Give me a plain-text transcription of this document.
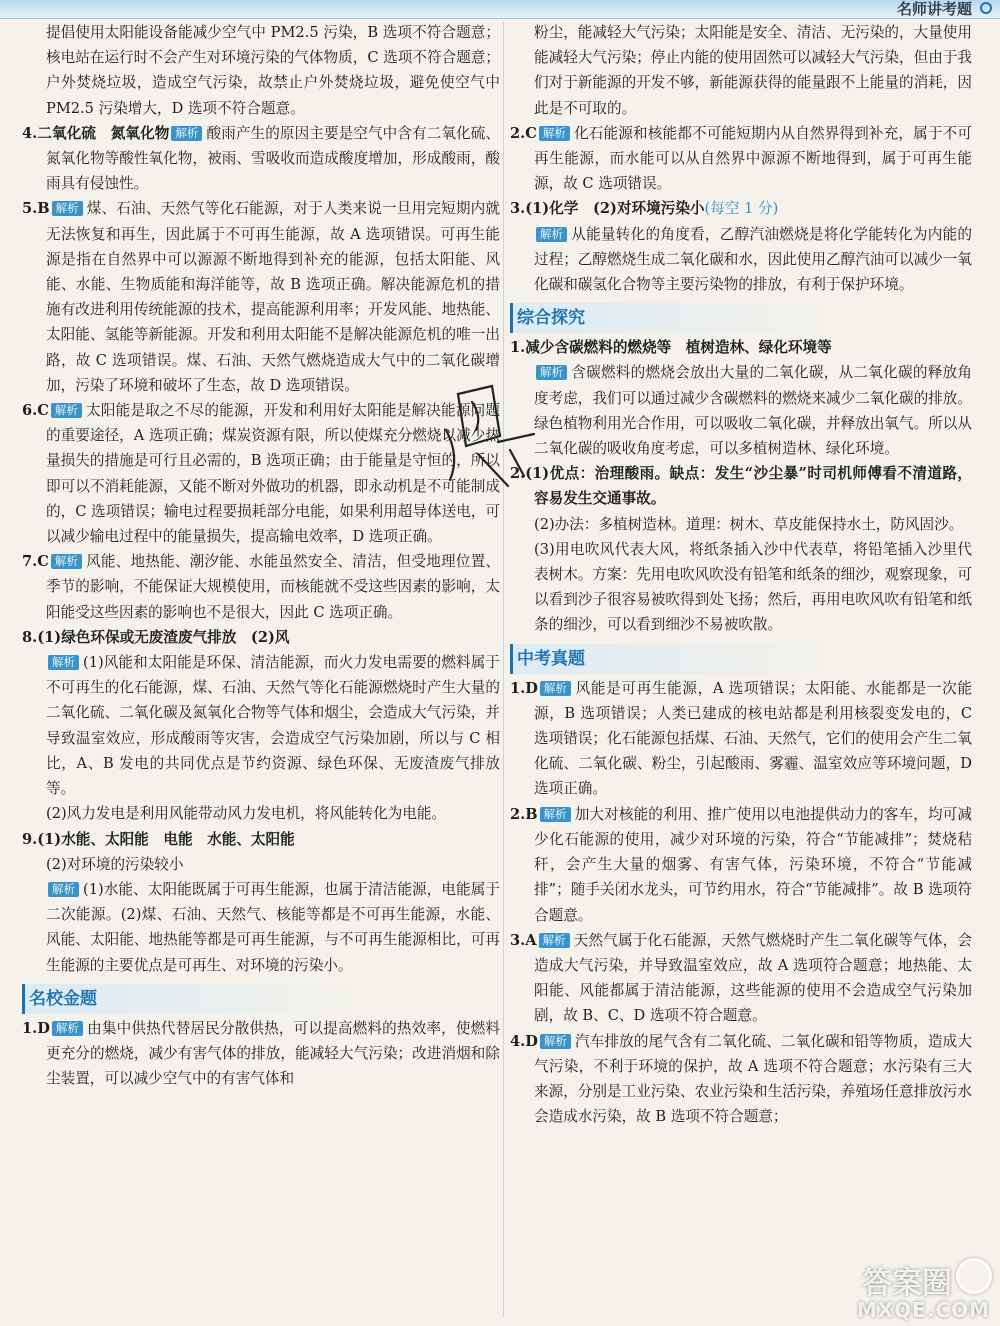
名师讲考题

提倡使用太阳能设备能减少空气中 PM2.5 污染，B 选项不符合题意；核电站在运行时不会产生对环境污染的气体物质，C 选项不符合题意；户外焚烧垃圾，造成空气污染，故禁止户外焚烧垃圾，避免使空气中 PM2.5 污染增大，D 选项不符合题意。

4.二氧化硫　氮氧化物 解析 酸雨产生的原因主要是空气中含有二氧化硫、氮氧化物等酸性氧化物，被雨、雪吸收而造成酸度增加，形成酸雨，酸雨具有侵蚀性。

5.B 解析 煤、石油、天然气等化石能源，对于人类来说一旦用完短期内就无法恢复和再生，因此属于不可再生能源，故 A 选项错误。可再生能源是指在自然界中可以源源不断地得到补充的能源，包括太阳能、风能、水能、生物质能和海洋能等，故 B 选项正确。解决能源危机的措施有改进利用传统能源的技术，提高能源利用率；开发风能、地热能、太阳能、氢能等新能源。开发和利用太阳能不是解决能源危机的唯一出路，故 C 选项错误。煤、石油、天然气燃烧造成大气中的二氧化碳增加，污染了环境和破坏了生态，故 D 选项错误。

6.C 解析 太阳能是取之不尽的能源，开发和利用好太阳能是解决能源问题的重要途径，A 选项正确；煤炭资源有限，所以使煤充分燃烧以减少热量损失的措施是可行且必需的，B 选项正确；由于能量是守恒的，所以即可以不消耗能源，又能不断对外做功的机器，即永动机是不可能制成的，C 选项错误；输电过程要损耗部分电能，如果利用超导体送电，可以减少输电过程中的能量损失，提高输电效率，D 选项正确。

7.C 解析 风能、地热能、潮汐能、水能虽然安全、清洁，但受地理位置、季节的影响，不能保证大规模使用，而核能就不受这些因素的影响，太阳能受这些因素的影响也不是很大，因此 C 选项正确。

8.(1)绿色环保或无废渣废气排放　(2)风

解析 (1)风能和太阳能是环保、清洁能源，而火力发电需要的燃料属于不可再生的化石能源，煤、石油、天然气等化石能源燃烧时产生大量的二氧化硫、二氧化碳及氮氧化合物等气体和烟尘，会造成大气污染，并导致温室效应，形成酸雨等灾害，会造成空气污染加剧，所以与 C 相比，A、B 发电的共同优点是节约资源、绿色环保、无废渣废气排放等。

(2)风力发电是利用风能带动风力发电机，将风能转化为电能。

9.(1)水能、太阳能　电能　水能、太阳能

(2)对环境的污染较小

解析 (1)水能、太阳能既属于可再生能源，也属于清洁能源，电能属于二次能源。(2)煤、石油、天然气、核能等都是不可再生能源，水能、风能、太阳能、地热能等都是可再生能源，与不可再生能源相比，可再生能源的主要优点是可再生、对环境的污染小。

名校金题

1.D 解析 由集中供热代替居民分散供热，可以提高燃料的热效率，使燃料更充分的燃烧，减少有害气体的排放，能减轻大气污染；改进消烟和除尘装置，可以减少空气中的有害气体和

粉尘，能减轻大气污染；太阳能是安全、清洁、无污染的，大量使用能减轻大气污染；停止内能的使用固然可以减轻大气污染，但由于我们对于新能源的开发不够，新能源获得的能量跟不上能量的消耗，因此是不可取的。

2.C 解析 化石能源和核能都不可能短期内从自然界得到补充，属于不可再生能源，而水能可以从自然界中源源不断地得到，属于可再生能源，故 C 选项错误。

3.(1)化学　(2)对环境污染小(每空 1 分)

解析 从能量转化的角度看，乙醇汽油燃烧是将化学能转化为内能的过程；乙醇燃烧生成二氧化碳和水，因此使用乙醇汽油可以减少一氧化碳和碳氢化合物等主要污染物的排放，有利于保护环境。

综合探究

1.减少含碳燃料的燃烧等　植树造林、绿化环境等

解析 含碳燃料的燃烧会放出大量的二氧化碳，从二氧化碳的释放角度考虑，我们可以通过减少含碳燃料的燃烧来减少二氧化碳的排放。绿色植物利用光合作用，可以吸收二氧化碳，并释放出氧气。所以从二氧化碳的吸收角度考虑，可以多植树造林、绿化环境。

2.(1)优点：治理酸雨。缺点：发生“沙尘暴”时司机师傅看不清道路，容易发生交通事故。

(2)办法：多植树造林。道理：树木、草皮能保持水土，防风固沙。

(3)用电吹风代表大风，将纸条插入沙中代表草，将铅笔插入沙里代表树木。方案：先用电吹风吹没有铅笔和纸条的细沙，观察现象，可以看到沙子很容易被吹得到处飞扬；然后，再用电吹风吹有铅笔和纸条的细沙，可以看到细沙不易被吹散。

中考真题

1.D 解析 风能是可再生能源，A 选项错误；太阳能、水能都是一次能源，B 选项错误；人类已建成的核电站都是利用核裂变发电的，C 选项错误；化石能源包括煤、石油、天然气，它们的使用会产生二氧化硫、二氧化碳、粉尘，引起酸雨、雾霾、温室效应等环境问题，D 选项正确。

2.B 解析 加大对核能的利用、推广使用以电池提供动力的客车，均可减少化石能源的使用，减少对环境的污染，符合“节能减排”；焚烧秸秆，会产生大量的烟雾、有害气体，污染环境，不符合“节能减排”；随手关闭水龙头，可节约用水，符合“节能减排”。故 B 选项符合题意。

3.A 解析 天然气属于化石能源，天然气燃烧时产生二氧化碳等气体，会造成大气污染，并导致温室效应，故 A 选项符合题意；地热能、太阳能、风能都属于清洁能源，这些能源的使用不会造成空气污染加剧，故 B、C、D 选项不符合题意。

4.D 解析 汽车排放的尾气含有二氧化硫、二氧化碳和铅等物质，造成大气污染，不利于环境的保护，故 A 选项不符合题意；水污染有三大来源，分别是工业污染、农业污染和生活污染，养殖场任意排放污水会造成水污染，故 B 选项不符合题意；

答案圈
MXQE.COM
